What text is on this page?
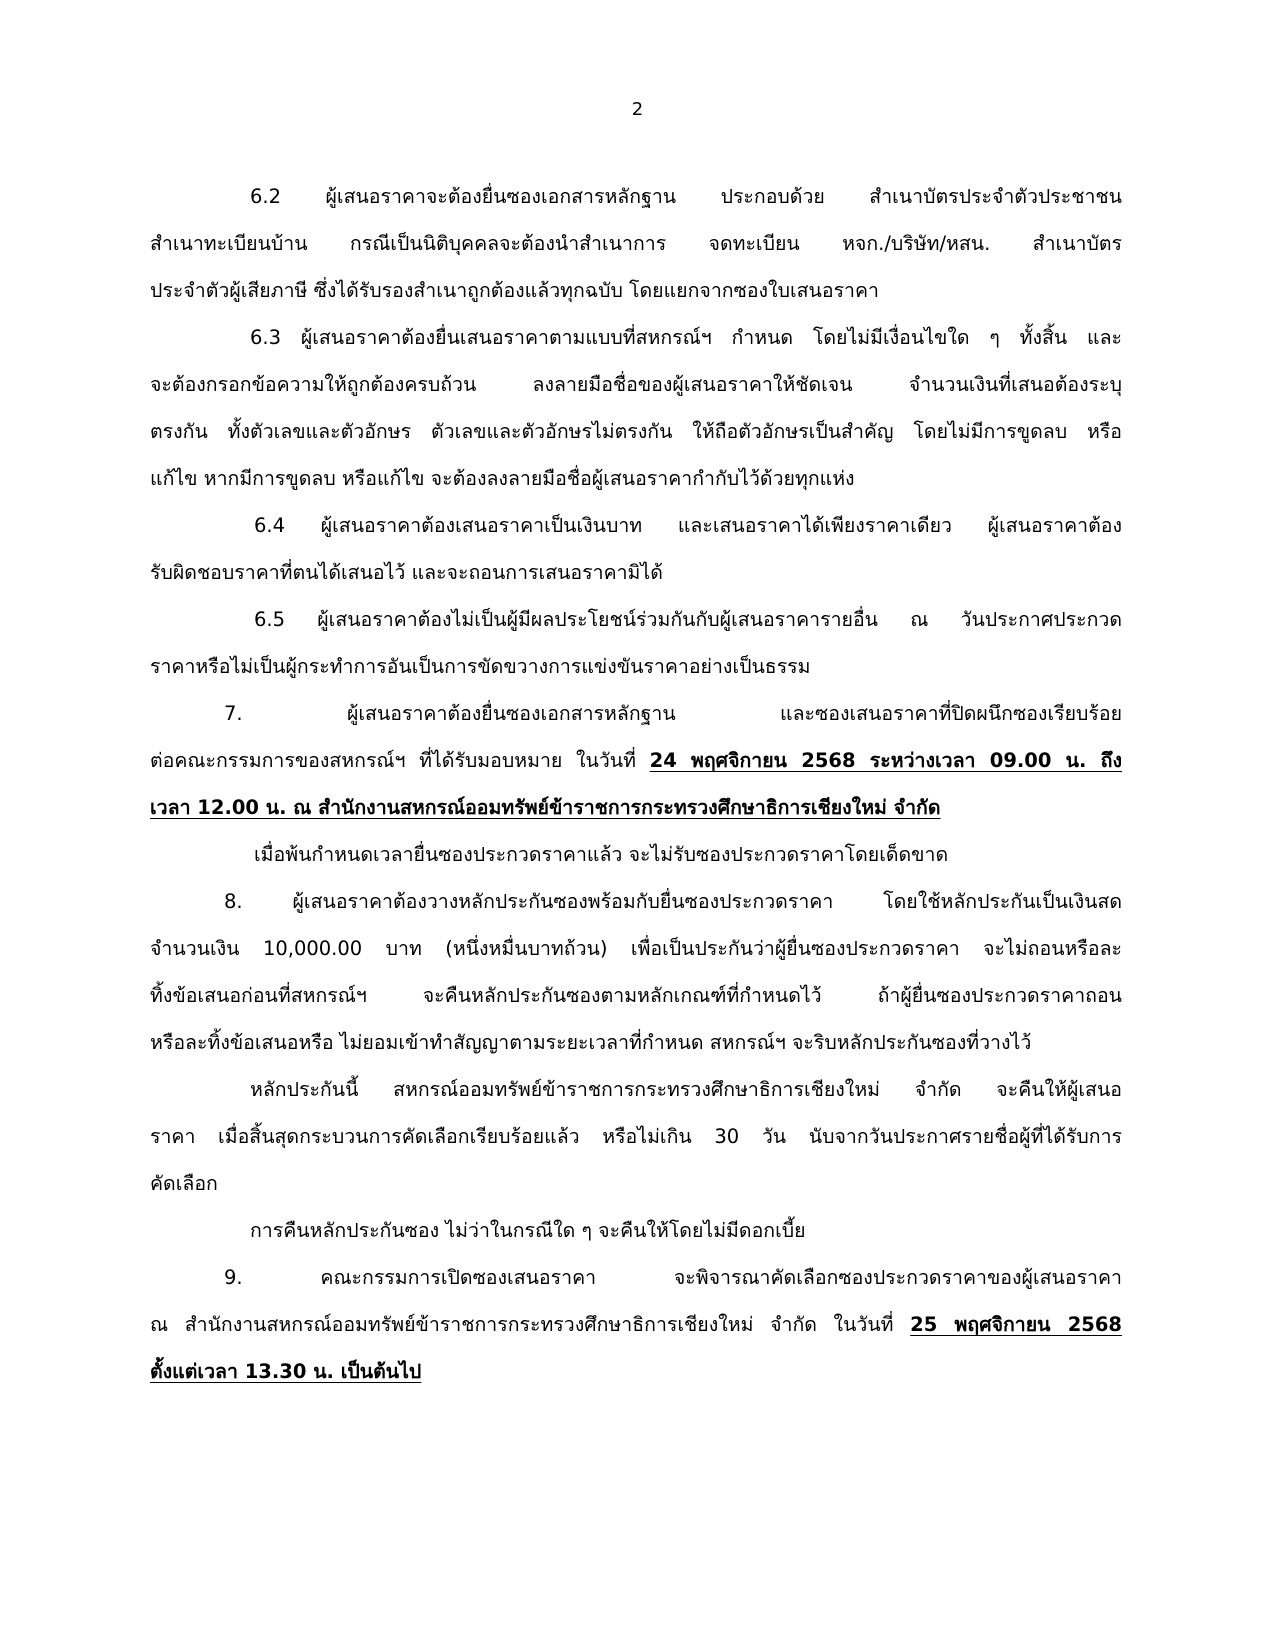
2
6.2 ผู้เสนอราคาจะต้องยื่นซองเอกสารหลักฐาน ประกอบด้วย สำเนาบัตรประจำตัวประชาชน
สำเนาทะเบียนบ้าน กรณีเป็นนิติบุคคลจะต้องนำสำเนาการ จดทะเบียน หจก./บริษัท/หสน. สำเนาบัตร
ประจำตัวผู้เสียภาษี ซึ่งได้รับรองสำเนาถูกต้องแล้วทุกฉบับ โดยแยกจากซองใบเสนอราคา
6.3 ผู้เสนอราคาต้องยื่นเสนอราคาตามแบบที่สหกรณ์ฯ กำหนด โดยไม่มีเงื่อนไขใด ๆ ทั้งสิ้น และ
จะต้องกรอกข้อความให้ถูกต้องครบถ้วน ลงลายมือชื่อของผู้เสนอราคาให้ชัดเจน จำนวนเงินที่เสนอต้องระบุ
ตรงกัน ทั้งตัวเลขและตัวอักษร ตัวเลขและตัวอักษรไม่ตรงกัน ให้ถือตัวอักษรเป็นสำคัญ โดยไม่มีการขูดลบ หรือ
แก้ไข หากมีการขูดลบ หรือแก้ไข จะต้องลงลายมือชื่อผู้เสนอราคากำกับไว้ด้วยทุกแห่ง
6.4 ผู้เสนอราคาต้องเสนอราคาเป็นเงินบาท และเสนอราคาได้เพียงราคาเดียว ผู้เสนอราคาต้อง
รับผิดชอบราคาที่ตนได้เสนอไว้ และจะถอนการเสนอราคามิได้
6.5 ผู้เสนอราคาต้องไม่เป็นผู้มีผลประโยชน์ร่วมกันกับผู้เสนอราคารายอื่น ณ วันประกาศประกวด
ราคาหรือไม่เป็นผู้กระทำการอันเป็นการขัดขวางการแข่งขันราคาอย่างเป็นธรรม
7. ผู้เสนอราคาต้องยื่นซองเอกสารหลักฐาน และซองเสนอราคาที่ปิดผนึกซองเรียบร้อย
ต่อคณะกรรมการของสหกรณ์ฯ ที่ได้รับมอบหมาย ในวันที่ 24 พฤศจิกายน 2568 ระหว่างเวลา 09.00 น. ถึง
เวลา 12.00 น. ณ สำนักงานสหกรณ์ออมทรัพย์ข้าราชการกระทรวงศึกษาธิการเชียงใหม่ จำกัด
เมื่อพ้นกำหนดเวลายื่นซองประกวดราคาแล้ว จะไม่รับซองประกวดราคาโดยเด็ดขาด
8. ผู้เสนอราคาต้องวางหลักประกันซองพร้อมกับยื่นซองประกวดราคา โดยใช้หลักประกันเป็นเงินสด
จำนวนเงิน 10,000.00 บาท (หนึ่งหมื่นบาทถ้วน) เพื่อเป็นประกันว่าผู้ยื่นซองประกวดราคา จะไม่ถอนหรือละ
ทิ้งข้อเสนอก่อนที่สหกรณ์ฯ จะคืนหลักประกันซองตามหลักเกณฑ์ที่กำหนดไว้ ถ้าผู้ยื่นซองประกวดราคาถอน
หรือละทิ้งข้อเสนอหรือ ไม่ยอมเข้าทำสัญญาตามระยะเวลาที่กำหนด สหกรณ์ฯ จะริบหลักประกันซองที่วางไว้
หลักประกันนี้ สหกรณ์ออมทรัพย์ข้าราชการกระทรวงศึกษาธิการเชียงใหม่ จำกัด จะคืนให้ผู้เสนอ
ราคา เมื่อสิ้นสุดกระบวนการคัดเลือกเรียบร้อยแล้ว หรือไม่เกิน 30 วัน นับจากวันประกาศรายชื่อผู้ที่ได้รับการ
คัดเลือก
การคืนหลักประกันซอง ไม่ว่าในกรณีใด ๆ จะคืนให้โดยไม่มีดอกเบี้ย
9. คณะกรรมการเปิดซองเสนอราคา จะพิจารณาคัดเลือกซองประกวดราคาของผู้เสนอราคา
ณ สำนักงานสหกรณ์ออมทรัพย์ข้าราชการกระทรวงศึกษาธิการเชียงใหม่ จำกัด ในวันที่ 25 พฤศจิกายน 2568
ตั้งแต่เวลา 13.30 น. เป็นต้นไป
